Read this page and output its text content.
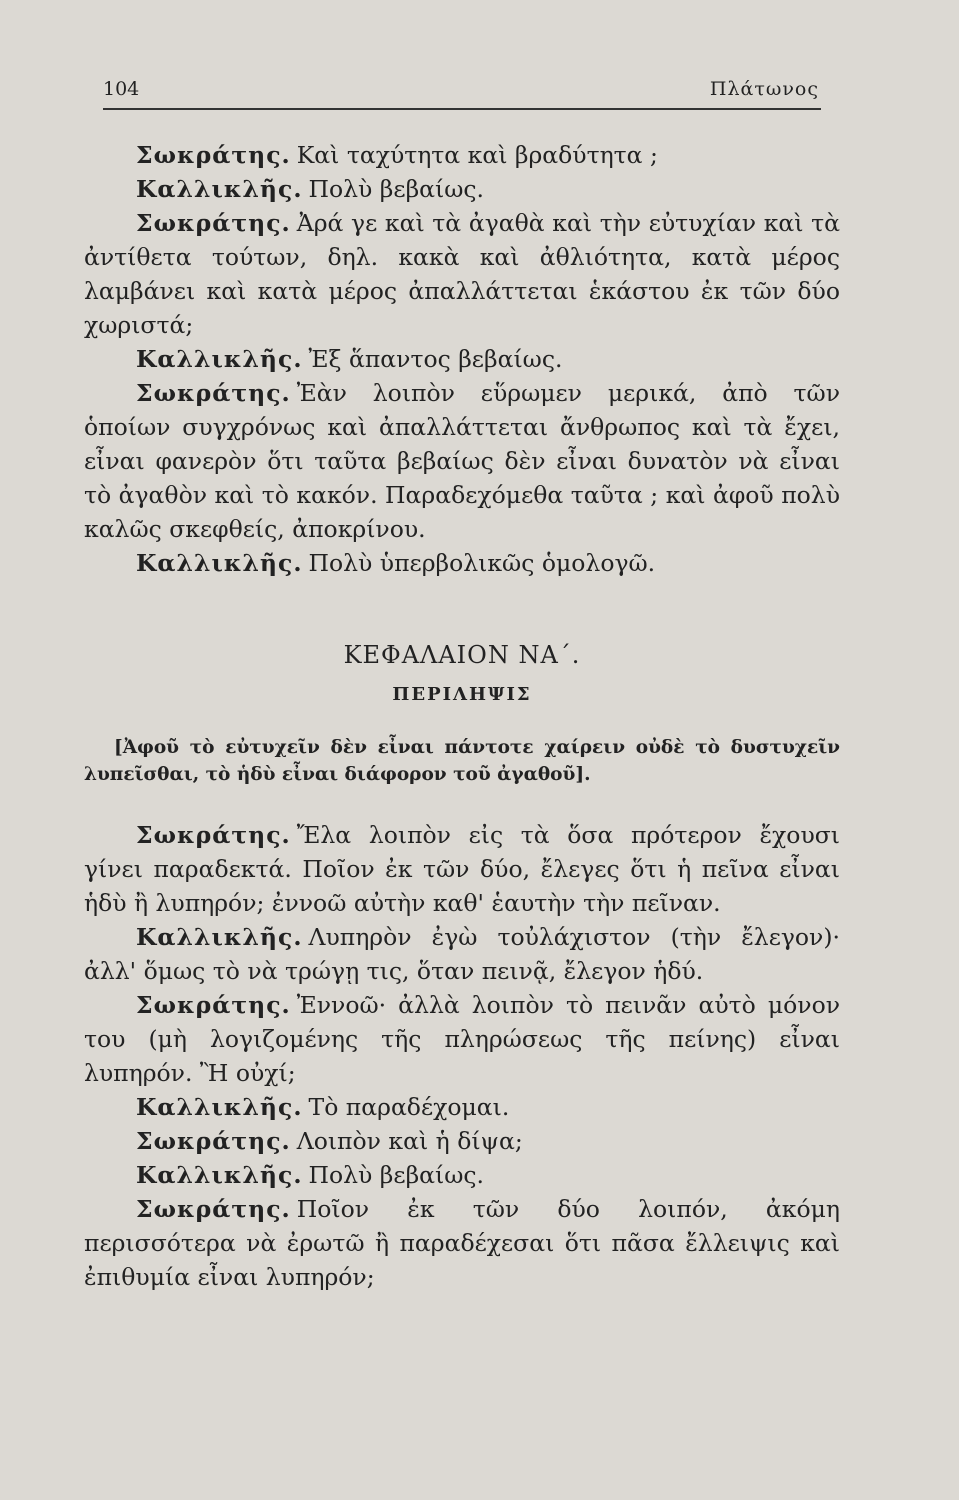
104	Πλάτωνος

Σωκράτης. Καὶ ταχύτητα καὶ βραδύτητα ;

Καλλικλῆς. Πολὺ βεβαίως.

Σωκράτης. Ἀρά γε καὶ τὰ ἀγαθὰ καὶ τὴν εὐτυχίαν καὶ τὰ ἀντίθετα τούτων, δηλ. κακὰ καὶ ἀθλιότητα, κατὰ μέρος λαμβάνει καὶ κατὰ μέρος ἀπαλλάττεται ἑκάστου ἐκ τῶν δύο χωριστά;

Καλλικλῆς. Ἐξ ἅπαντος βεβαίως.

Σωκράτης. Ἐὰν λοιπὸν εὕρωμεν μερικά, ἀπὸ τῶν ὁποίων συγχρόνως καὶ ἀπαλλάττεται ἄνθρωπος καὶ τὰ ἔχει, εἶναι φανερὸν ὅτι ταῦτα βεβαίως δὲν εἶναι δυνατὸν νὰ εἶναι τὸ ἀγαθὸν καὶ τὸ κακόν. Παραδεχόμεθα ταῦτα ; καὶ ἀφοῦ πολὺ καλῶς σκεφθείς, ἀποκρίνου.

Καλλικλῆς. Πολὺ ὑπερβολικῶς ὁμολογῶ.

ΚΕΦΑΛΑΙΟΝ ΝΑ΄.
ΠΕΡΙΛΗΨΙΣ

[Ἀφοῦ τὸ εὐτυχεῖν δὲν εἶναι πάντοτε χαίρειν οὐδὲ τὸ δυστυχεῖν λυπεῖσθαι, τὸ ἡδὺ εἶναι διάφορον τοῦ ἀγαθοῦ].

Σωκράτης. Ἔλα λοιπὸν εἰς τὰ ὅσα πρότερον ἔχουσι γίνει παραδεκτά. Ποῖον ἐκ τῶν δύο, ἔλεγες ὅτι ἡ πεῖνα εἶναι ἡδὺ ἢ λυπηρόν; ἐννοῶ αὐτὴν καθ' ἑαυτὴν τὴν πεῖναν.

Καλλικλῆς. Λυπηρὸν ἐγὼ τοὐλάχιστον (τὴν ἔλεγον)· ἀλλ' ὅμως τὸ νὰ τρώγῃ τις, ὅταν πεινᾷ, ἔλεγον ἡδύ.

Σωκράτης. Ἐννοῶ· ἀλλὰ λοιπὸν τὸ πεινᾶν αὐτὸ μόνον του (μὴ λογιζομένης τῆς πληρώσεως τῆς πείνης) εἶναι λυπηρόν. Ἢ οὐχί;

Καλλικλῆς. Τὸ παραδέχομαι.

Σωκράτης. Λοιπὸν καὶ ἡ δίψα;

Καλλικλῆς. Πολὺ βεβαίως.

Σωκράτης. Ποῖον ἐκ τῶν δύο λοιπόν, ἀκόμη περισσότερα νὰ ἐρωτῶ ἢ παραδέχεσαι ὅτι πᾶσα ἔλλειψις καὶ ἐπιθυμία εἶναι λυπηρόν;
